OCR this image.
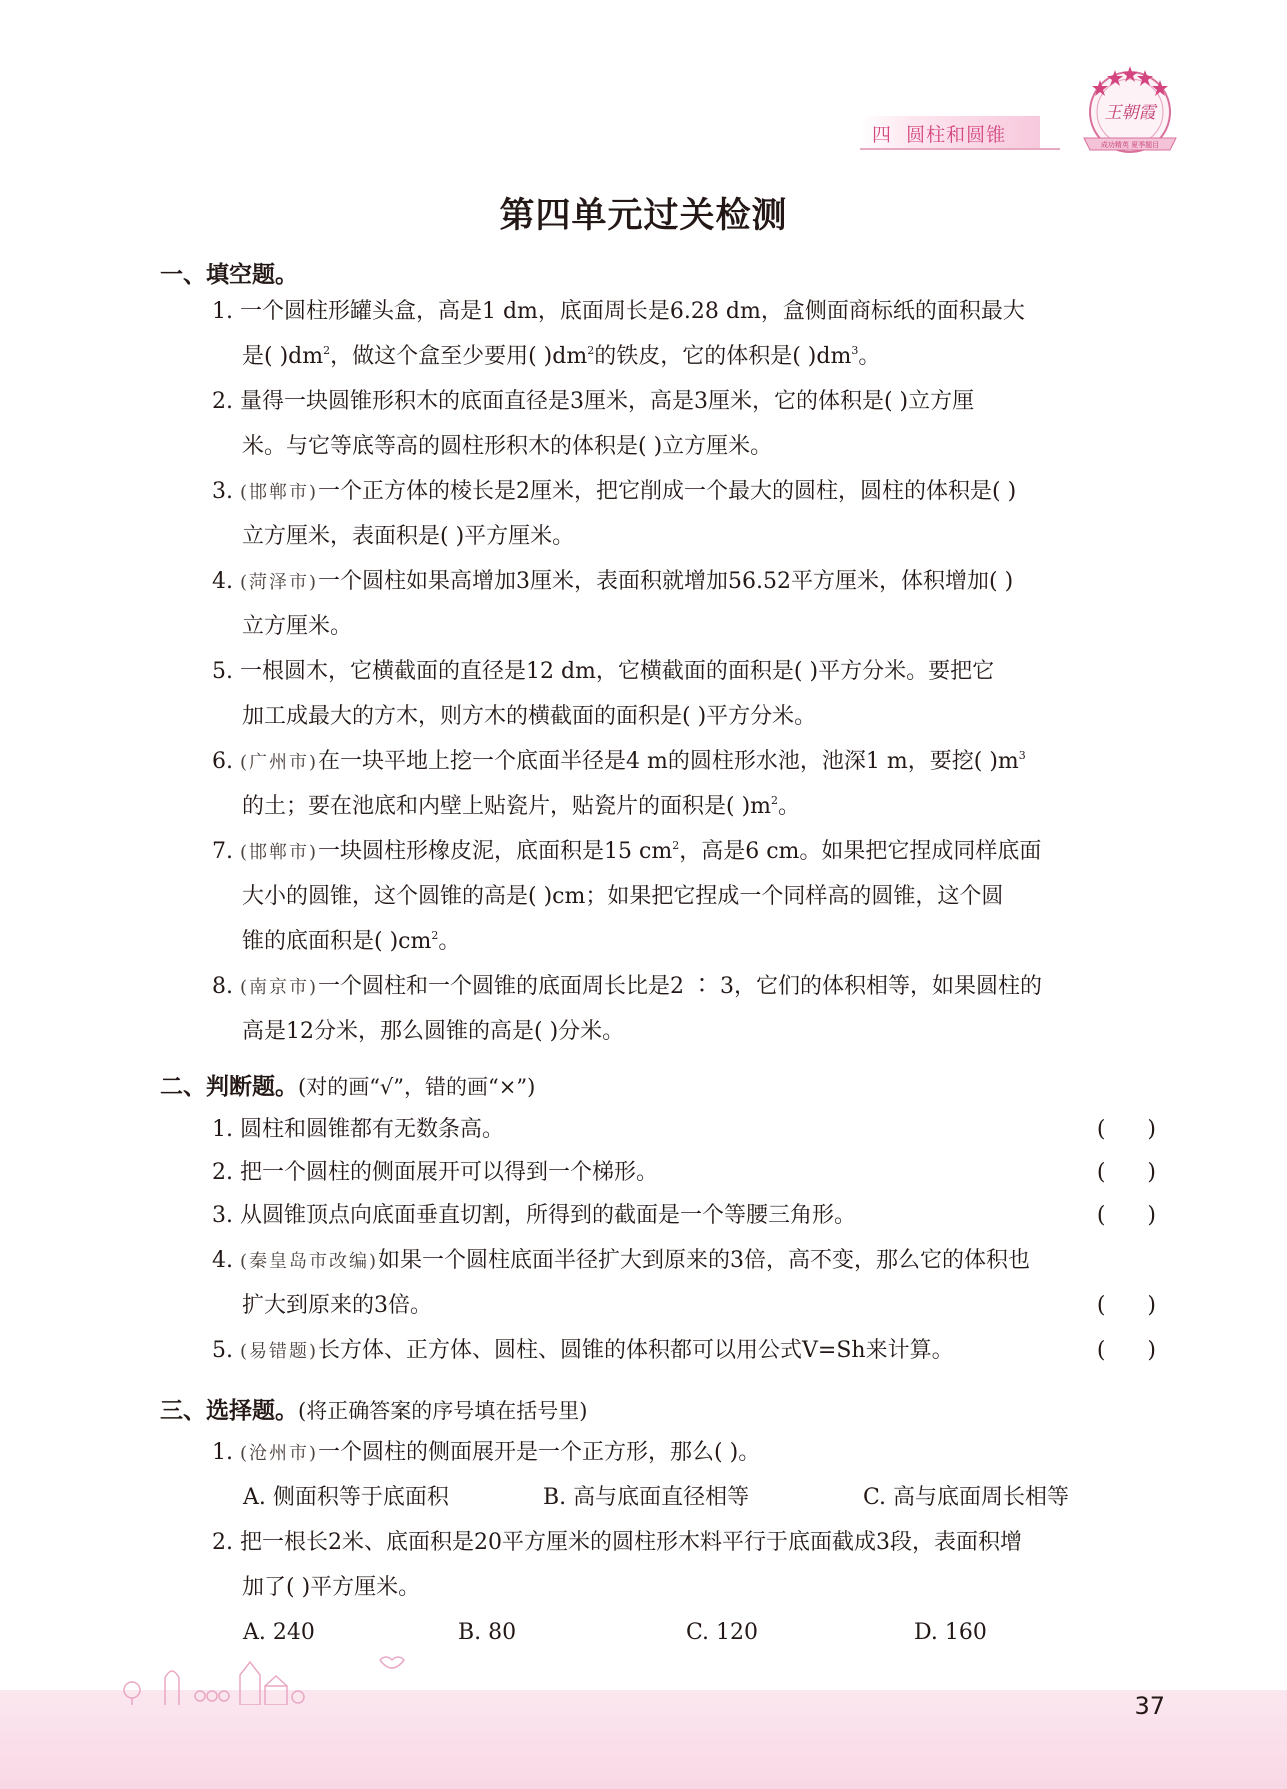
四  圆柱和圆锥
王朝霞
成功精英 夏季题目
第四单元过关检测
一、填空题。
1. 一个圆柱形罐头盒，高是1 dm，底面周长是6.28 dm，盒侧面商标纸的面积最大
是( )$dm^2$，做这个盒至少要用( )$dm^2$的铁皮，它的体积是( )$dm^3$。
2. 量得一块圆锥形积木的底面直径是3厘米，高是3厘米，它的体积是( )立方厘
米。与它等底等高的圆柱形积木的体积是( )立方厘米。
3. (邯郸市)一个正方体的棱长是2厘米，把它削成一个最大的圆柱，圆柱的体积是( )
立方厘米，表面积是( )平方厘米。
4. (菏泽市)一个圆柱如果高增加3厘米，表面积就增加56.52平方厘米，体积增加( )
立方厘米。
5. 一根圆木，它横截面的直径是12 dm，它横截面的面积是( )平方分米。要把它
加工成最大的方木，则方木的横截面的面积是( )平方分米。
6. (广州市)在一块平地上挖一个底面半径是4 m的圆柱形水池，池深1 m，要挖( )$m^3$
的土；要在池底和内壁上贴瓷片，贴瓷片的面积是( )$m^2$。
7. (邯郸市)一块圆柱形橡皮泥，底面积是15 $cm^2$，高是6 cm。如果把它捏成同样底面
大小的圆锥，这个圆锥的高是( )cm；如果把它捏成一个同样高的圆锥，这个圆
锥的底面积是( )$cm^2$。
8. (南京市)一个圆柱和一个圆锥的底面周长比是2 ∶ 3，它们的体积相等，如果圆柱的
高是12分米，那么圆锥的高是( )分米。
二、判断题。(对的画“√”，错的画“×”)
1. 圆柱和圆锥都有无数条高。	(      )
2. 把一个圆柱的侧面展开可以得到一个梯形。	(      )
3. 从圆锥顶点向底面垂直切割，所得到的截面是一个等腰三角形。	(      )
4. (秦皇岛市改编)如果一个圆柱底面半径扩大到原来的3倍，高不变，那么它的体积也
扩大到原来的3倍。	(      )
5. (易错题)长方体、正方体、圆柱、圆锥的体积都可以用公式V=Sh来计算。	(      )
三、选择题。(将正确答案的序号填在括号里)
1. (沧州市)一个圆柱的侧面展开是一个正方形，那么( )。
A. 侧面积等于底面积	B. 高与底面直径相等	C. 高与底面周长相等
2. 把一根长2米、底面积是20平方厘米的圆柱形木料平行于底面截成3段，表面积增
加了( )平方厘米。
A. 240	B. 80	C. 120	D. 160
37
